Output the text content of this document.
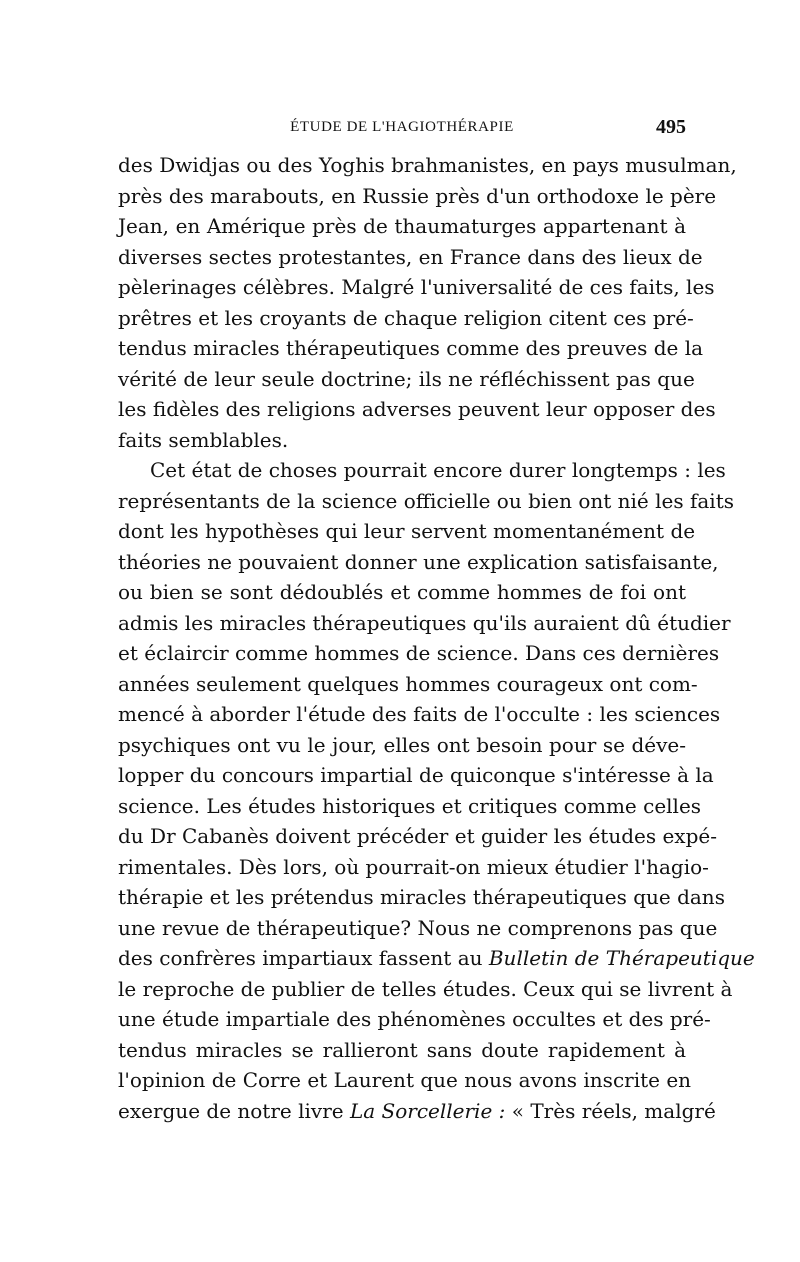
ÉTUDE DE L'HAGIOTHÉRAPIE	495
des Dwidjas ou des Yoghis brahmanistes, en pays musulman,
près des marabouts, en Russie près d'un orthodoxe le père
Jean, en Amérique près de thaumaturges appartenant à
diverses sectes protestantes, en France dans des lieux de
pèlerinages célèbres. Malgré l'universalité de ces faits, les
prêtres et les croyants de chaque religion citent ces pré-
tendus miracles thérapeutiques comme des preuves de la
vérité de leur seule doctrine; ils ne réfléchissent pas que
les fidèles des religions adverses peuvent leur opposer des
faits semblables.
Cet état de choses pourrait encore durer longtemps : les
représentants de la science officielle ou bien ont nié les faits
dont les hypothèses qui leur servent momentanément de
théories ne pouvaient donner une explication satisfaisante,
ou bien se sont dédoublés et comme hommes de foi ont
admis les miracles thérapeutiques qu'ils auraient dû étudier
et éclaircir comme hommes de science. Dans ces dernières
années seulement quelques hommes courageux ont com-
mencé à aborder l'étude des faits de l'occulte : les sciences
psychiques ont vu le jour, elles ont besoin pour se déve-
lopper du concours impartial de quiconque s'intéresse à la
science. Les études historiques et critiques comme celles
du Dr Cabanès doivent précéder et guider les études expé-
rimentales. Dès lors, où pourrait-on mieux étudier l'hagio-
thérapie et les prétendus miracles thérapeutiques que dans
une revue de thérapeutique? Nous ne comprenons pas que
des confrères impartiaux fassent au Bulletin de Thérapeutique
le reproche de publier de telles études. Ceux qui se livrent à
une étude impartiale des phénomènes occultes et des pré-
tendus miracles se rallieront sans doute rapidement à
l'opinion de Corre et Laurent que nous avons inscrite en
exergue de notre livre La Sorcellerie : « Très réels, malgré
